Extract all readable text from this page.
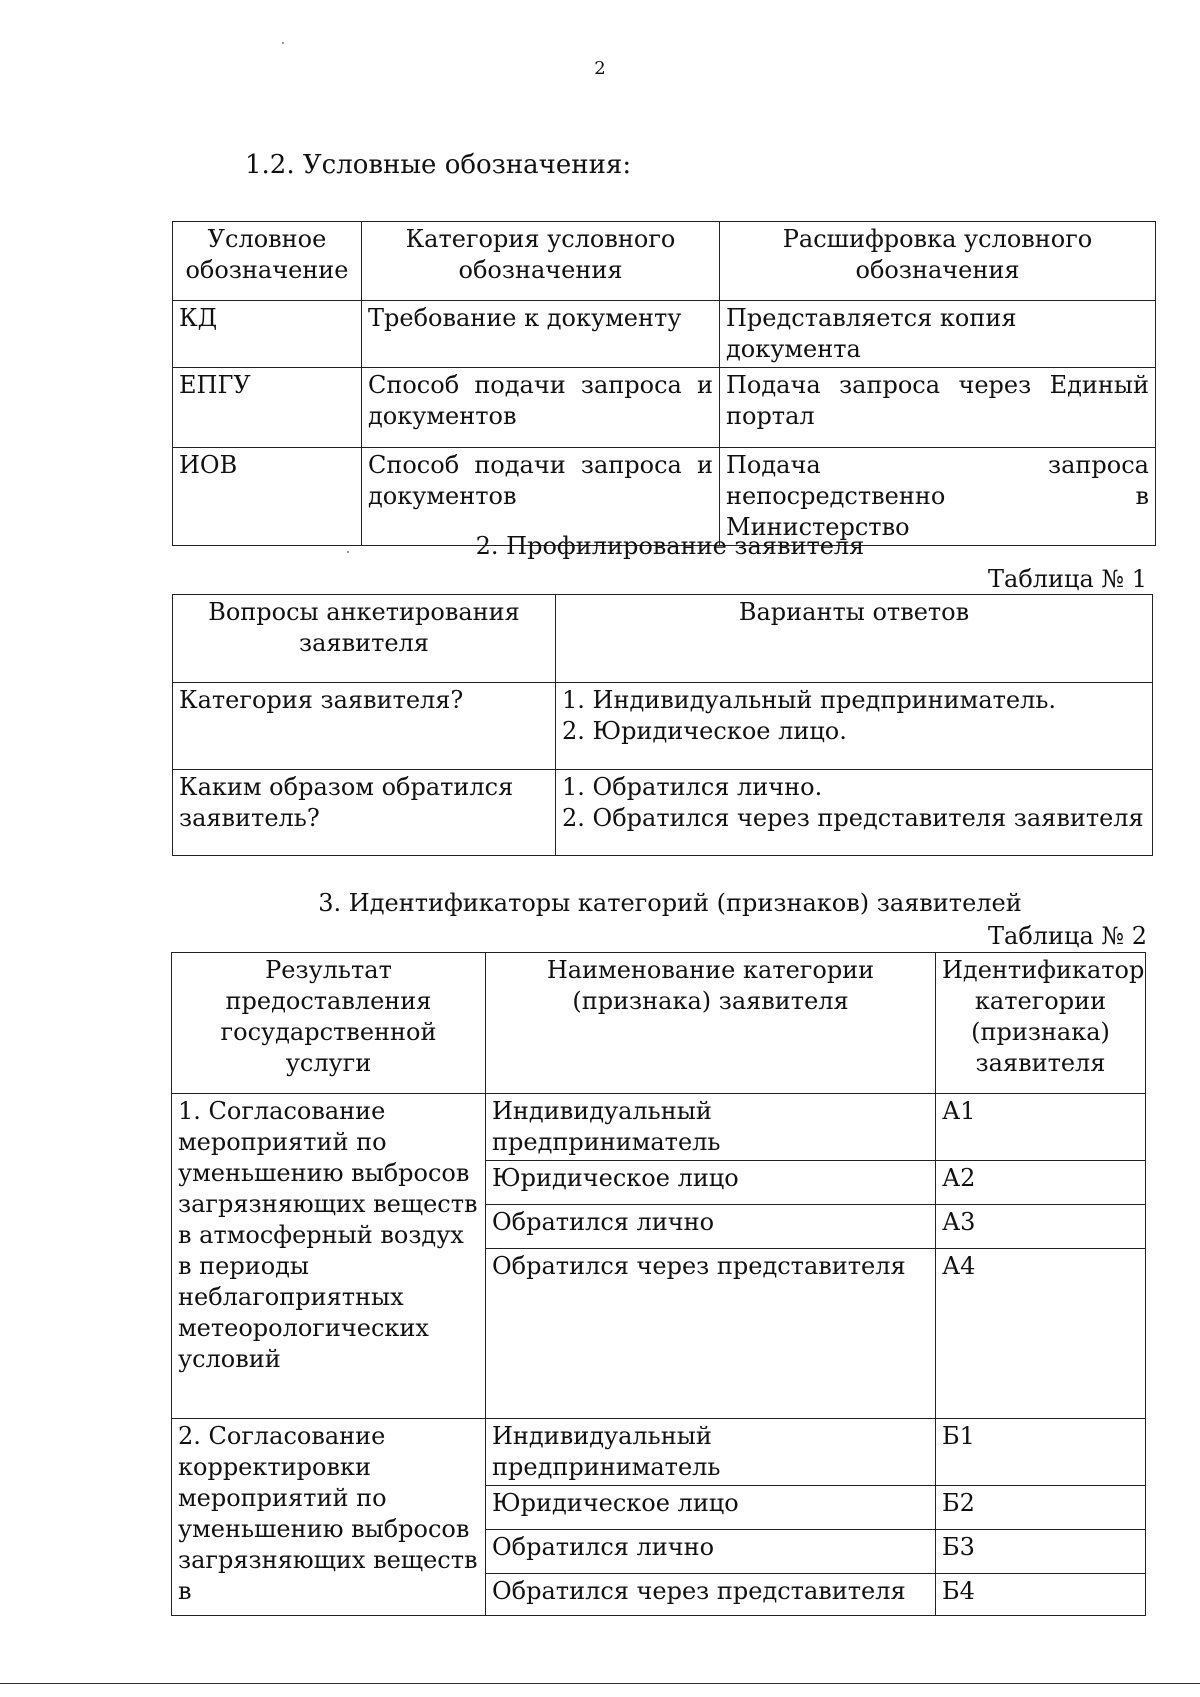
2
1.2. Условные обозначения:
Условное обозначение	Категория условного обозначения	Расшифровка условного обозначения
КД	Требование к документу	Представляется копия документа
ЕПГУ	Способ подачи запроса и документов	Подача запроса через Единый портал
ИОВ	Способ подачи запроса и документов	Подача запроса непосредственно в Министерство
2. Профилирование заявителя
Таблица № 1
Вопросы анкетирования заявителя	Варианты ответов
Категория заявителя?	1. Индивидуальный предприниматель.
2. Юридическое лицо.

Каким образом обратился заявитель?	1. Обратился лично.
2. Обратился через представителя заявителя
3. Идентификаторы категорий (признаков) заявителей
Таблица № 2
Результат предоставления государственной услуги	Наименование категории (признака) заявителя	Идентификатор категории (признака) заявителя
1. Согласование мероприятий по уменьшению выбросов загрязняющих веществ в атмосферный воздух в периоды неблагоприятных метеорологических условий	Индивидуальный предприниматель	А1
	Юридическое лицо	А2
	Обратился лично	А3
	Обратился через представителя	А4
2. Согласование корректировки мероприятий по уменьшению выбросов загрязняющих веществ в	Индивидуальный предприниматель	Б1
	Юридическое лицо	Б2
	Обратился лично	Б3
	Обратился через представителя	Б4
